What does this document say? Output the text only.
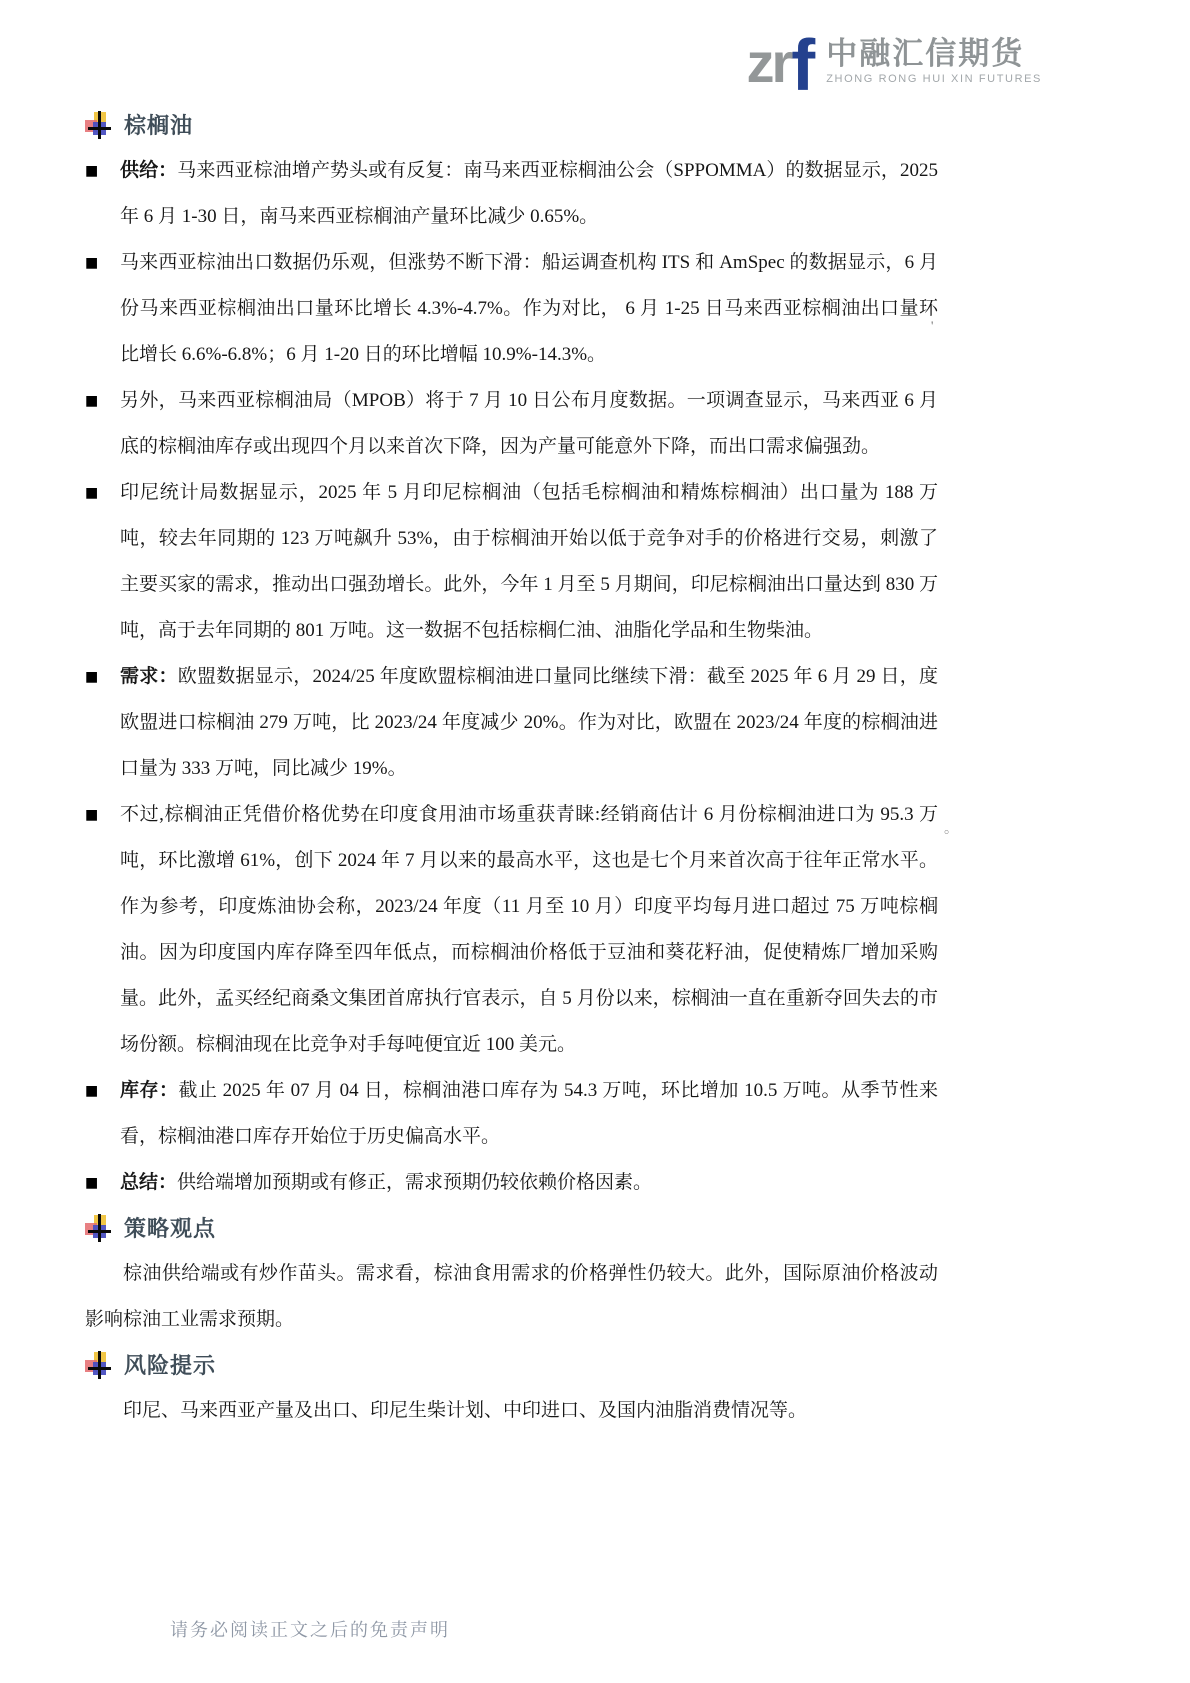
zr f 中融汇信期货
ZHONG RONG HUI XIN FUTURES
棕榈油
■	供给：马来西亚棕油增产势头或有反复：南马来西亚棕榈油公会（SPPOMMA）的数据显示，2025 年 6 月 1-30 日，南马来西亚棕榈油产量环比减少 0.65%。
■	马来西亚棕油出口数据仍乐观，但涨势不断下滑：船运调查机构 ITS 和 AmSpec 的数据显示，6 月份马来西亚棕榈油出口量环比增长 4.3%-4.7%。作为对比， 6 月 1-25 日马来西亚棕榈油出口量环比增长 6.6%-6.8%；6 月 1-20 日的环比增幅 10.9%-14.3%。
■	另外，马来西亚棕榈油局（MPOB）将于 7 月 10 日公布月度数据。一项调查显示，马来西亚 6 月底的棕榈油库存或出现四个月以来首次下降，因为产量可能意外下降，而出口需求偏强劲。
■	印尼统计局数据显示，2025 年 5 月印尼棕榈油（包括毛棕榈油和精炼棕榈油）出口量为 188 万吨，较去年同期的 123 万吨飙升 53%，由于棕榈油开始以低于竞争对手的价格进行交易，刺激了主要买家的需求，推动出口强劲增长。此外，今年 1 月至 5 月期间，印尼棕榈油出口量达到 830 万吨，高于去年同期的 801 万吨。这一数据不包括棕榈仁油、油脂化学品和生物柴油。
■	需求：欧盟数据显示，2024/25 年度欧盟棕榈油进口量同比继续下滑：截至 2025 年 6 月 29 日，度欧盟进口棕榈油 279 万吨，比 2023/24 年度减少 20%。作为对比，欧盟在 2023/24 年度的棕榈油进口量为 333 万吨，同比减少 19%。
■	不过,棕榈油正凭借价格优势在印度食用油市场重获青睐:经销商估计 6 月份棕榈油进口为 95.3 万吨，环比激增 61%，创下 2024 年 7 月以来的最高水平，这也是七个月来首次高于往年正常水平。作为参考，印度炼油协会称，2023/24 年度（11 月至 10 月）印度平均每月进口超过 75 万吨棕榈油。因为印度国内库存降至四年低点，而棕榈油价格低于豆油和葵花籽油，促使精炼厂增加采购量。此外，孟买经纪商桑文集团首席执行官表示，自 5 月份以来，棕榈油一直在重新夺回失去的市场份额。棕榈油现在比竞争对手每吨便宜近 100 美元。
■	库存：截止 2025 年 07 月 04 日，棕榈油港口库存为 54.3 万吨，环比增加 10.5 万吨。从季节性来看，棕榈油港口库存开始位于历史偏高水平。
■	总结：供给端增加预期或有修正，需求预期仍较依赖价格因素。
策略观点
棕油供给端或有炒作苗头。需求看，棕油食用需求的价格弹性仍较大。此外，国际原油价格波动影响棕油工业需求预期。
风险提示
印尼、马来西亚产量及出口、印尼生柴计划、中印进口、及国内油脂消费情况等。
'
。
请务必阅读正文之后的免责声明
